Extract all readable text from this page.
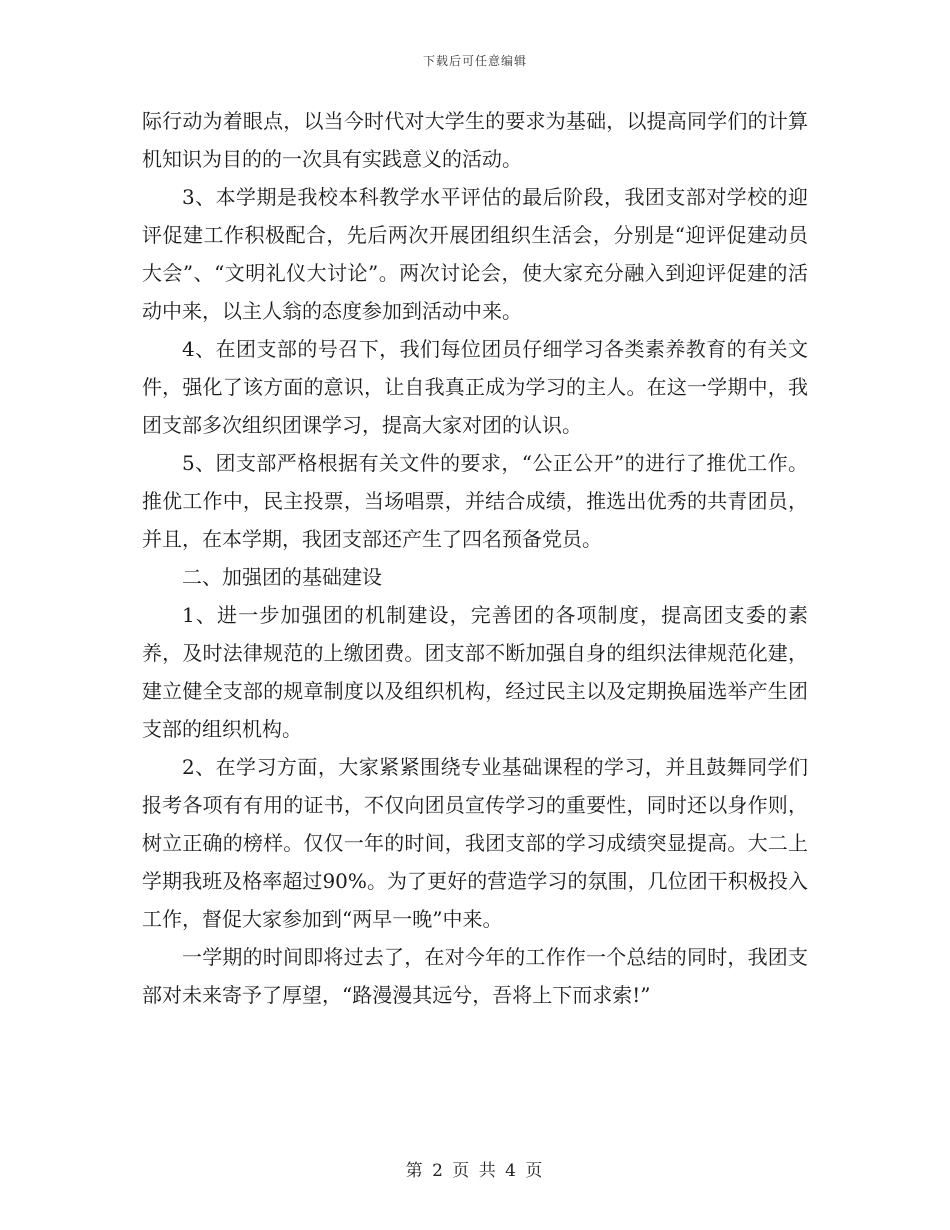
下载后可任意编辑

际行动为着眼点，以当今时代对大学生的要求为基础，以提高同学们的计算机知识为目的的一次具有实践意义的活动。

3、本学期是我校本科教学水平评估的最后阶段，我团支部对学校的迎评促建工作积极配合，先后两次开展团组织生活会，分别是“迎评促建动员大会”、“文明礼仪大讨论”。两次讨论会，使大家充分融入到迎评促建的活动中来，以主人翁的态度参加到活动中来。

4、在团支部的号召下，我们每位团员仔细学习各类素养教育的有关文件，强化了该方面的意识，让自我真正成为学习的主人。在这一学期中，我团支部多次组织团课学习，提高大家对团的认识。

5、团支部严格根据有关文件的要求，“公正公开”的进行了推优工作。推优工作中，民主投票，当场唱票，并结合成绩，推选出优秀的共青团员，并且，在本学期，我团支部还产生了四名预备党员。

二、加强团的基础建设

1、进一步加强团的机制建设，完善团的各项制度，提高团支委的素养，及时法律规范的上缴团费。团支部不断加强自身的组织法律规范化建，建立健全支部的规章制度以及组织机构，经过民主以及定期换届选举产生团支部的组织机构。

2、在学习方面，大家紧紧围绕专业基础课程的学习，并且鼓舞同学们报考各项有有用的证书，不仅向团员宣传学习的重要性，同时还以身作则，树立正确的榜样。仅仅一年的时间，我团支部的学习成绩突显提高。大二上学期我班及格率超过90%。为了更好的营造学习的氛围，几位团干积极投入工作，督促大家参加到“两早一晚”中来。

一学期的时间即将过去了，在对今年的工作作一个总结的同时，我团支部对未来寄予了厚望，“路漫漫其远兮，吾将上下而求索!”

第 2 页 共 4 页
